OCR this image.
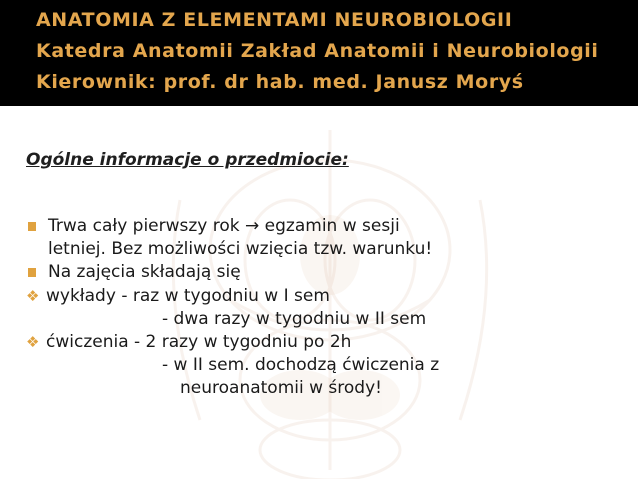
ANATOMIA Z ELEMENTAMI NEUROBIOLOGII
Katedra Anatomii Zakład Anatomii i Neurobiologii
Kierownik: prof. dr hab. med. Janusz Moryś
Ogólne informacje o przedmiocie:
Trwa cały pierwszy rok → egzamin w sesji
letniej. Bez możliwości wzięcia tzw. warunku!
Na zajęcia składają się
❖ wykłady - raz w tygodniu w I sem
- dwa razy w tygodniu w II sem
❖ ćwiczenia - 2 razy w tygodniu po 2h
- w II sem. dochodzą ćwiczenia z
neuroanatomii w środy!
